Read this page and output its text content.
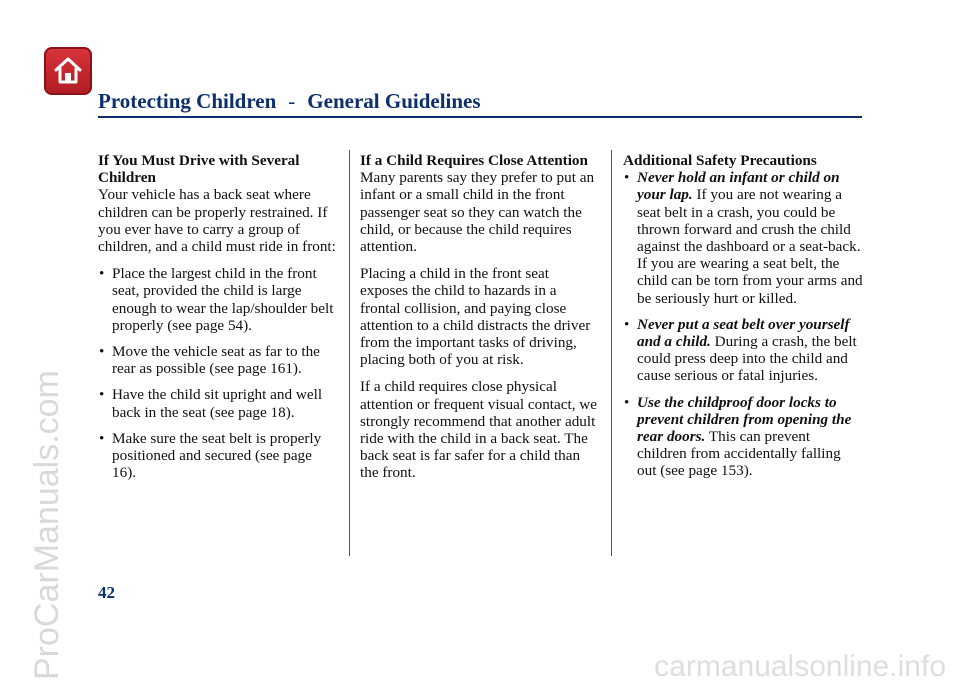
Protecting Children - General Guidelines
If You Must Drive with Several Children

Your vehicle has a back seat where children can be properly restrained. If you ever have to carry a group of children, and a child must ride in front:

• Place the largest child in the front seat, provided the child is large enough to wear the lap/shoulder belt properly (see page 54).
• Move the vehicle seat as far to the rear as possible (see page 161).
• Have the child sit upright and well back in the seat (see page 18).
• Make sure the seat belt is properly positioned and secured (see page 16).
If a Child Requires Close Attention

Many parents say they prefer to put an infant or a small child in the front passenger seat so they can watch the child, or because the child requires attention.

Placing a child in the front seat exposes the child to hazards in a frontal collision, and paying close attention to a child distracts the driver from the important tasks of driving, placing both of you at risk.

If a child requires close physical attention or frequent visual contact, we strongly recommend that another adult ride with the child in a back seat. The back seat is far safer for a child than the front.

Additional Safety Precautions
• Never hold an infant or child on your lap. If you are not wearing a seat belt in a crash, you could be thrown forward and crush the child against the dashboard or a seat-back. If you are wearing a seat belt, the child can be torn from your arms and be seriously hurt or killed.
• Never put a seat belt over yourself and a child. During a crash, the belt could press deep into the child and cause serious or fatal injuries.
• Use the childproof door locks to prevent children from opening the rear doors. This can prevent children from accidentally falling out (see page 153).
42
ProCarManuals.com	carmanualsonline.info
